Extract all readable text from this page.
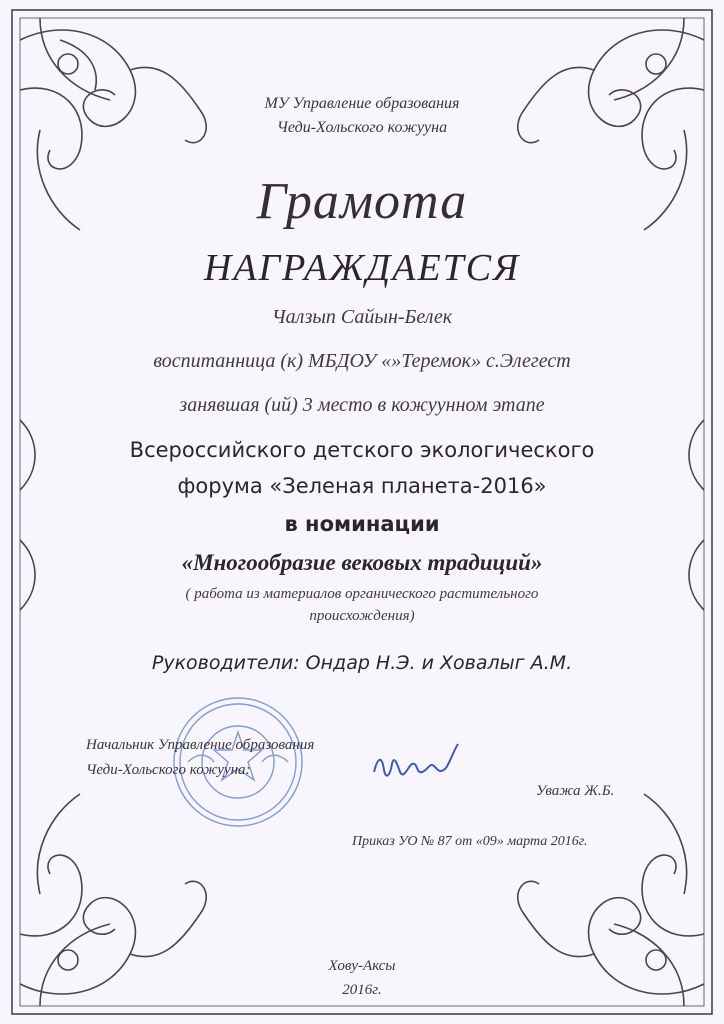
МУ Управление образования
Чеди-Хольского кожууна
Грамота
НАГРАЖДАЕТСЯ
Чалзып Сайын-Белек
воспитанница (к) МБДОУ «»Теремок» с.Элегест
занявшая (ий) 3 место в кожуунном этапе
Всероссийского детского экологического
форума «Зеленая планета-2016»
в номинации
«Многообразие вековых традиций»
( работа из материалов органического растительного
происхождения)
Руководители: Ондар Н.Э. и Ховалыг А.М.
Начальник Управление образования
Чеди-Хольского кожууна:
Уважа Ж.Б.
Приказ УО № 87 от «09» марта 2016г.
Хову-Аксы
2016г.
